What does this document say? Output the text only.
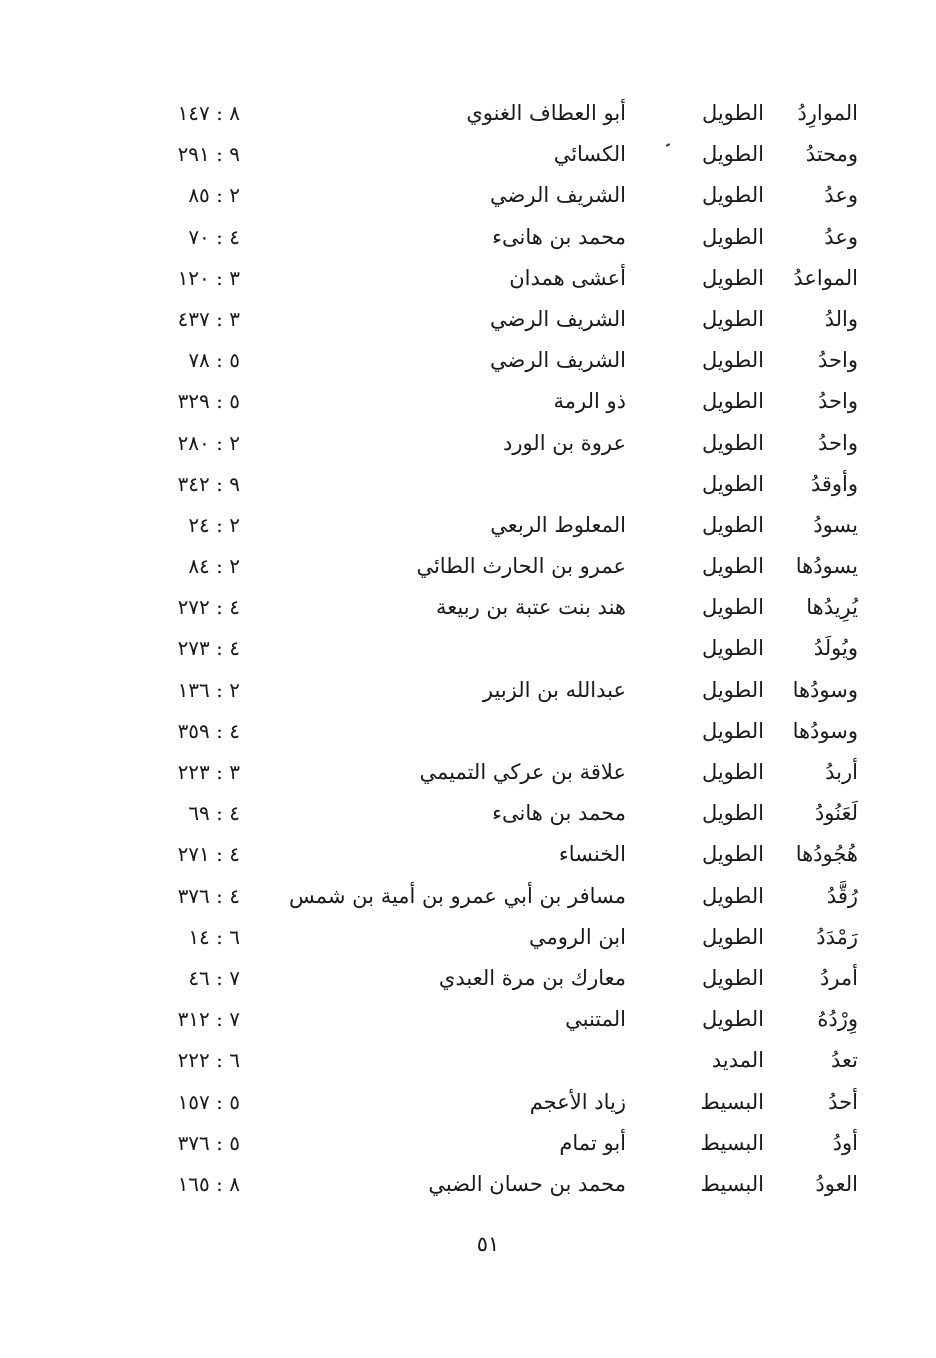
الموارِدُ
الطويل
أبو العطاف الغنوي
٨ : ١٤٧
ومحتدُ
الطويل
الكسائي
٩ : ٢٩١
وعدُ
الطويل
الشريف الرضي
٢ : ٨٥
وعدُ
الطويل
محمد بن هانىء
٤ : ٧٠
المواعدُ
الطويل
أعشى همدان
٣ : ١٢٠
والدُ
الطويل
الشريف الرضي
٣ : ٤٣٧
واحدُ
الطويل
الشريف الرضي
٥ : ٧٨
واحدُ
الطويل
ذو الرمة
٥ : ٣٢٩
واحدُ
الطويل
عروة بن الورد
٢ : ٢٨٠
وأوقدُ
الطويل
٩ : ٣٤٢
يسودُ
الطويل
المعلوط الربعي
٢ : ٢٤
يسودُها
الطويل
عمرو بن الحارث الطائي
٢ : ٨٤
يُرِيدُها
الطويل
هند بنت عتبة بن ربيعة
٤ : ٢٧٢
ويُولَدُ
الطويل
٤ : ٢٧٣
وسودُها
الطويل
عبدالله بن الزبير
٢ : ١٣٦
وسودُها
الطويل
٤ : ٣٥٩
أربدُ
الطويل
علاقة بن عركي التميمي
٣ : ٢٢٣
لَعَنُودُ
الطويل
محمد بن هانىء
٤ : ٦٩
هُجُودُها
الطويل
الخنساء
٤ : ٢٧١
رُقَّدُ
الطويل
مسافر بن أبي عمرو بن أمية بن شمس
٤ : ٣٧٦
رَمْدَدُ
الطويل
ابن الرومي
٦ : ١٤
أمردُ
الطويل
معارك بن مرة العبدي
٧ : ٤٦
وِرْدُهُ
الطويل
المتنبي
٧ : ٣١٢
تعدُ
المديد
٦ : ٢٢٢
أحدُ
البسيط
زياد الأعجم
٥ : ١٥٧
أودُ
البسيط
أبو تمام
٥ : ٣٧٦
العودُ
البسيط
محمد بن حسان الضبي
٨ : ١٦٥
٥١
